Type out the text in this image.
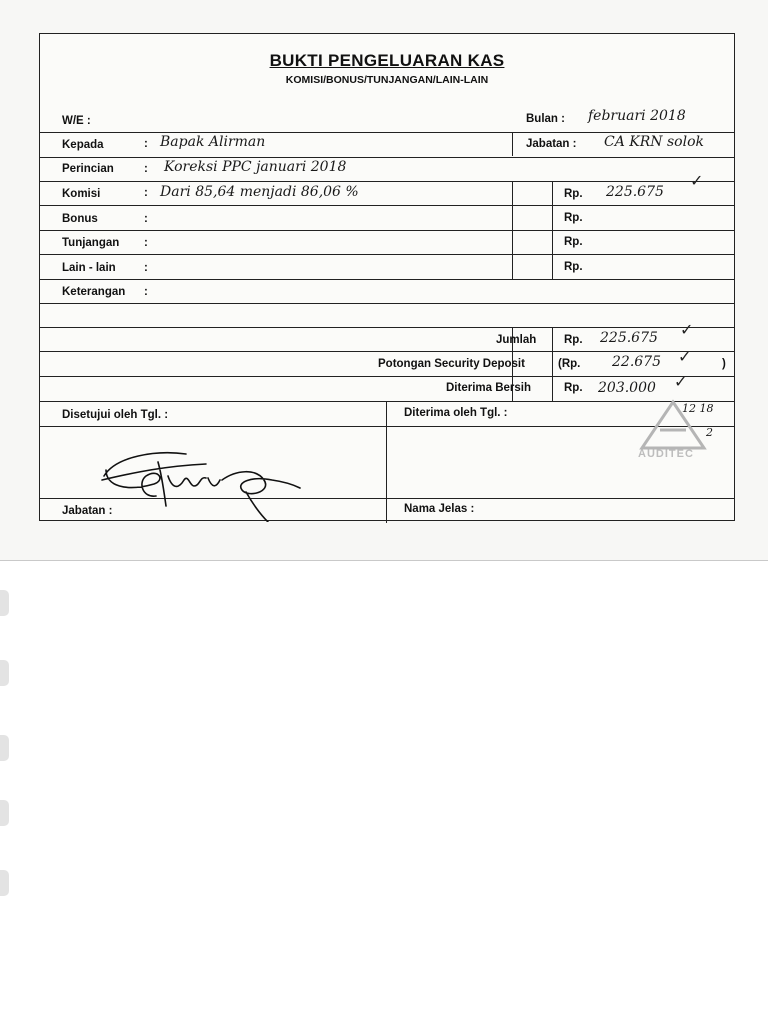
BUKTI PENGELUARAN KAS
KOMISI/BONUS/TUNJANGAN/LAIN-LAIN
W/E :	Bulan : februari 2018
Kepada	: Bapak Alirman	Jabatan : CA KRN solok
Perincian	: Koreksi PPC januari 2018
Komisi	: Dari 85,64 menjadi 86,06 %	Rp. 225.675
✓
Bonus	:	Rp.
Tunjangan :	Rp.
Lain - lain :	Rp.
Keterangan :
Jumlah Rp. 225.675 ✓
Potongan Security Deposit	(Rp. 22.675 ✓	)
Diterima Bersih	Rp. 203.000 ✓
Disetujui oleh Tgl. :	Diterima oleh Tgl. :
AUDITEC
12 18
2
Jabatan :	Nama Jelas :
